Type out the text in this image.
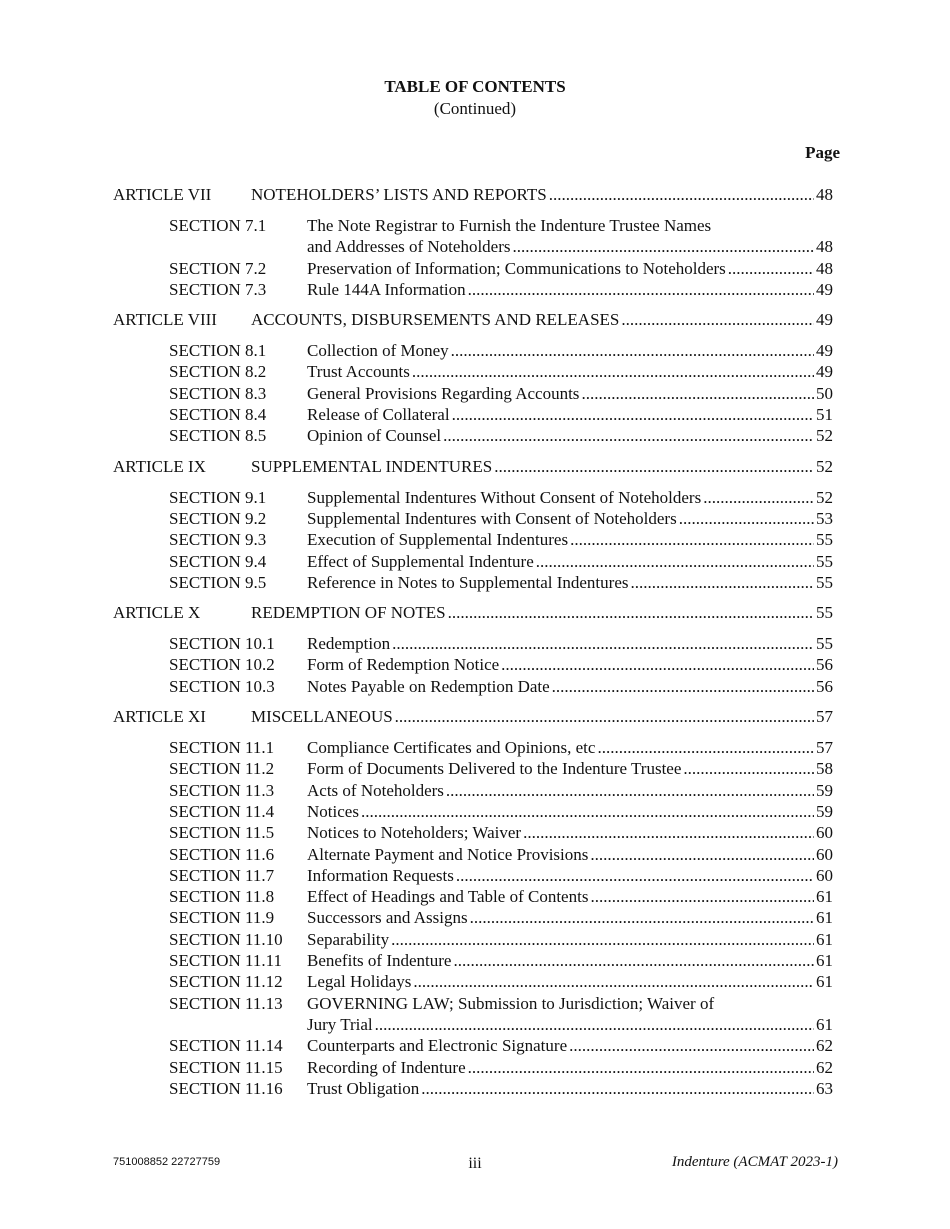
TABLE OF CONTENTS
(Continued)
Page
ARTICLE VII NOTEHOLDERS’ LISTS AND REPORTS .....	48
SECTION 7.1 The Note Registrar to Furnish the Indenture Trustee Names
and Addresses of Noteholders .....	48
SECTION 7.2 Preservation of Information; Communications to Noteholders .....	48
SECTION 7.3 Rule 144A Information .....	49
ARTICLE VIII ACCOUNTS, DISBURSEMENTS AND RELEASES .....	49
SECTION 8.1 Collection of Money .....	49
SECTION 8.2 Trust Accounts .....	49
SECTION 8.3 General Provisions Regarding Accounts .....	50
SECTION 8.4 Release of Collateral .....	51
SECTION 8.5 Opinion of Counsel .....	52
ARTICLE IX	SUPPLEMENTAL INDENTURES .....	52
SECTION 9.1 Supplemental Indentures Without Consent of Noteholders .....	52
SECTION 9.2 Supplemental Indentures with Consent of Noteholders .....	53
SECTION 9.3 Execution of Supplemental Indentures .....	55
SECTION 9.4 Effect of Supplemental Indenture .....	55
SECTION 9.5 Reference in Notes to Supplemental Indentures .....	55
ARTICLE X	REDEMPTION OF NOTES .....	55
SECTION 10.1 Redemption .....	55
SECTION 10.2 Form of Redemption Notice .....	56
SECTION 10.3 Notes Payable on Redemption Date .....	56
ARTICLE XI	MISCELLANEOUS .....	57
SECTION 11.1 Compliance Certificates and Opinions, etc .....	57
SECTION 11.2 Form of Documents Delivered to the Indenture Trustee .....	58
SECTION 11.3 Acts of Noteholders .....	59
SECTION 11.4 Notices .....	59
SECTION 11.5 Notices to Noteholders; Waiver .....	60
SECTION 11.6 Alternate Payment and Notice Provisions .....	60
SECTION 11.7 Information Requests .....	60
SECTION 11.8 Effect of Headings and Table of Contents .....	61
SECTION 11.9 Successors and Assigns .....	61
SECTION 11.10 Separability .....	61
SECTION 11.11 Benefits of Indenture .....	61
SECTION 11.12 Legal Holidays .....	61
SECTION 11.13 GOVERNING LAW; Submission to Jurisdiction; Waiver of
Jury Trial .....	61
SECTION 11.14 Counterparts and Electronic Signature .....	62
SECTION 11.15 Recording of Indenture .....	62
SECTION 11.16 Trust Obligation .....	63
751008852 22727759	iii	Indenture (ACMAT 2023-1)
